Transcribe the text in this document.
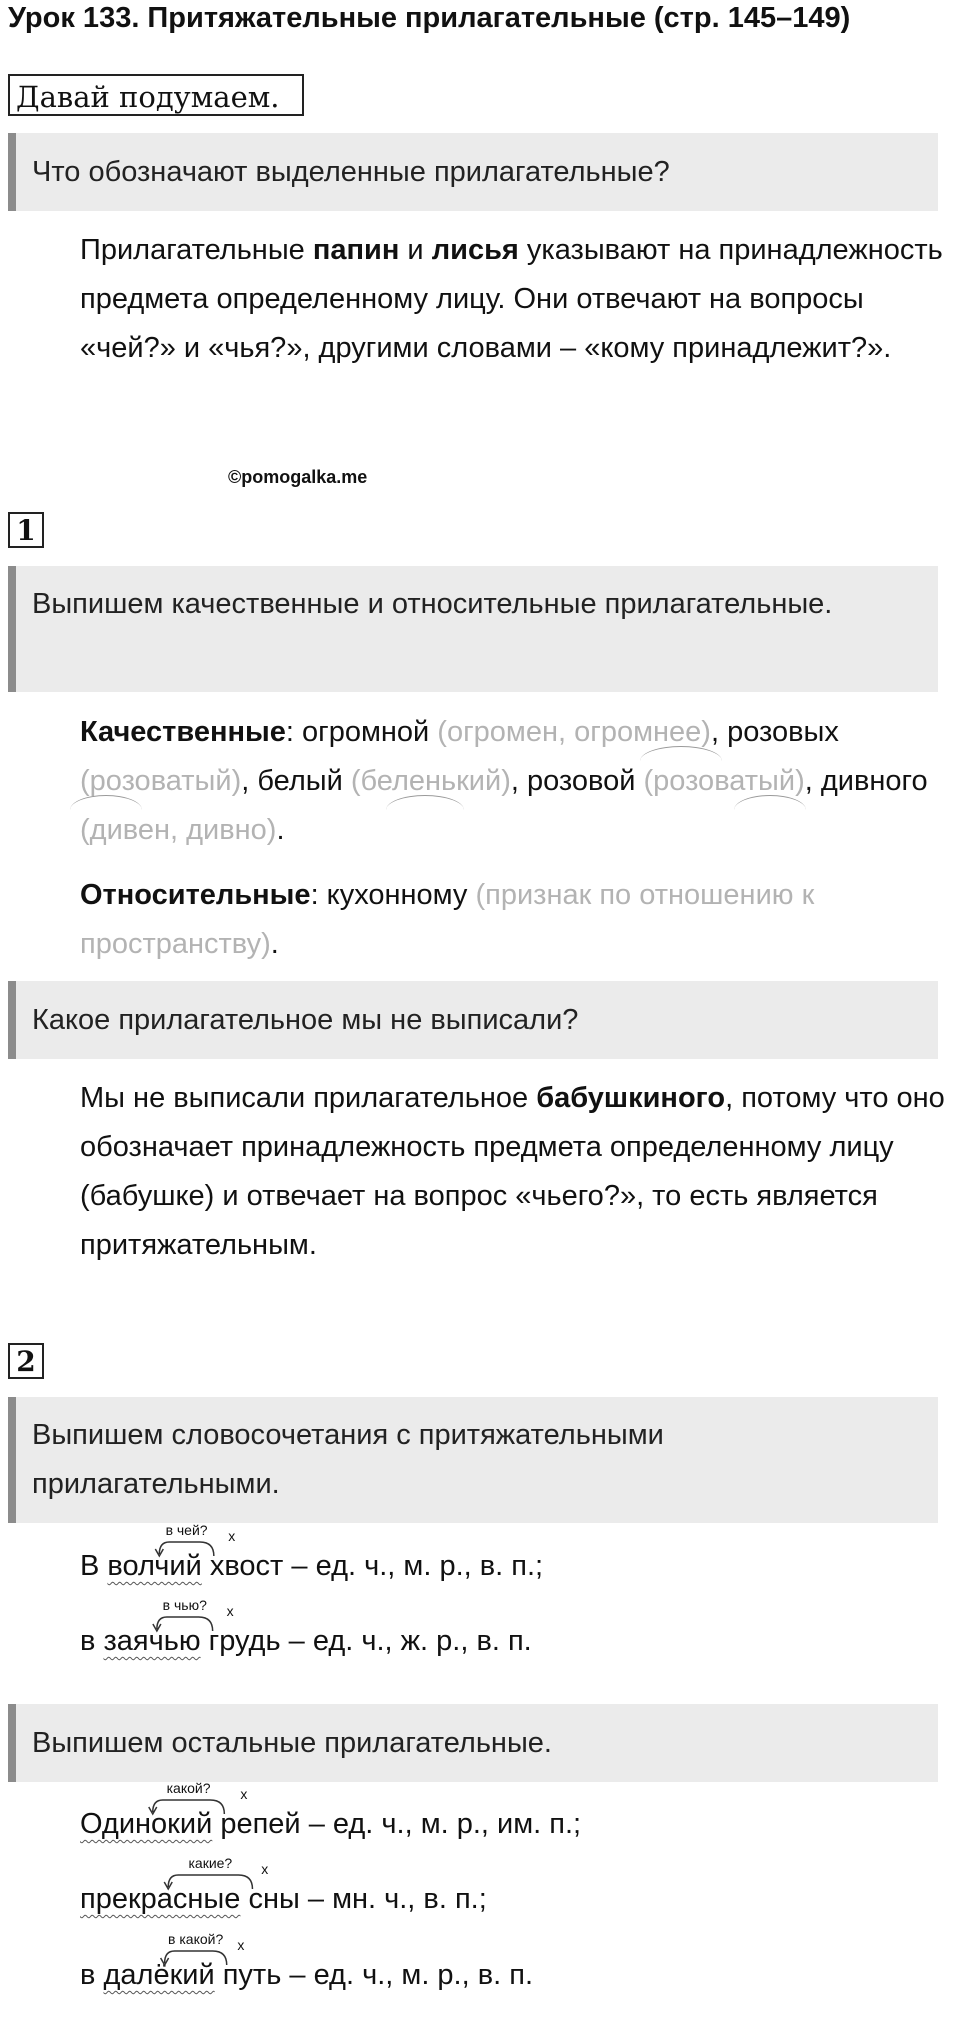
Урок 133. Притяжательные прилагательные (стр. 145–149)
Давай подумаем.
Что обозначают выделенные прилагательные?

Прилагательные папин и лисья указывают на принадлежность предмета определенному лицу. Они отвечают на вопросы «чей?» и «чья?», другими словами – «кому принадлежит?».

©pomogalka.me
1
Выпишем качественные и относительные прилагательные.

Качественные: огромной (огромен, огромнее), розовых (розоватый), белый (беленький), розовой (розоватый), дивного (дивен, дивно).

Относительные: кухонному (признак по отношению к пространству).

Какое прилагательное мы не выписали?

Мы не выписали прилагательное бабушкиного, потому что оно обозначает принадлежность предмета определенному лицу (бабушке) и отвечает на вопрос «чьего?», то есть является притяжательным.

2
Выпишем словосочетания с притяжательными прилагательными.
Выпишем остальные прилагательные.
В волчий хвост – ед. ч., м. р., в. п.;
в чей? х
в заячью грудь – ед. ч., ж. р., в. п.
в чью? х
Одинокий репей – ед. ч., м. р., им. п.;
какой? х
прекрасные сны – мн. ч., в. п.;
какие? х
в далёкий путь – ед. ч., м. р., в. п.
в какой? х
